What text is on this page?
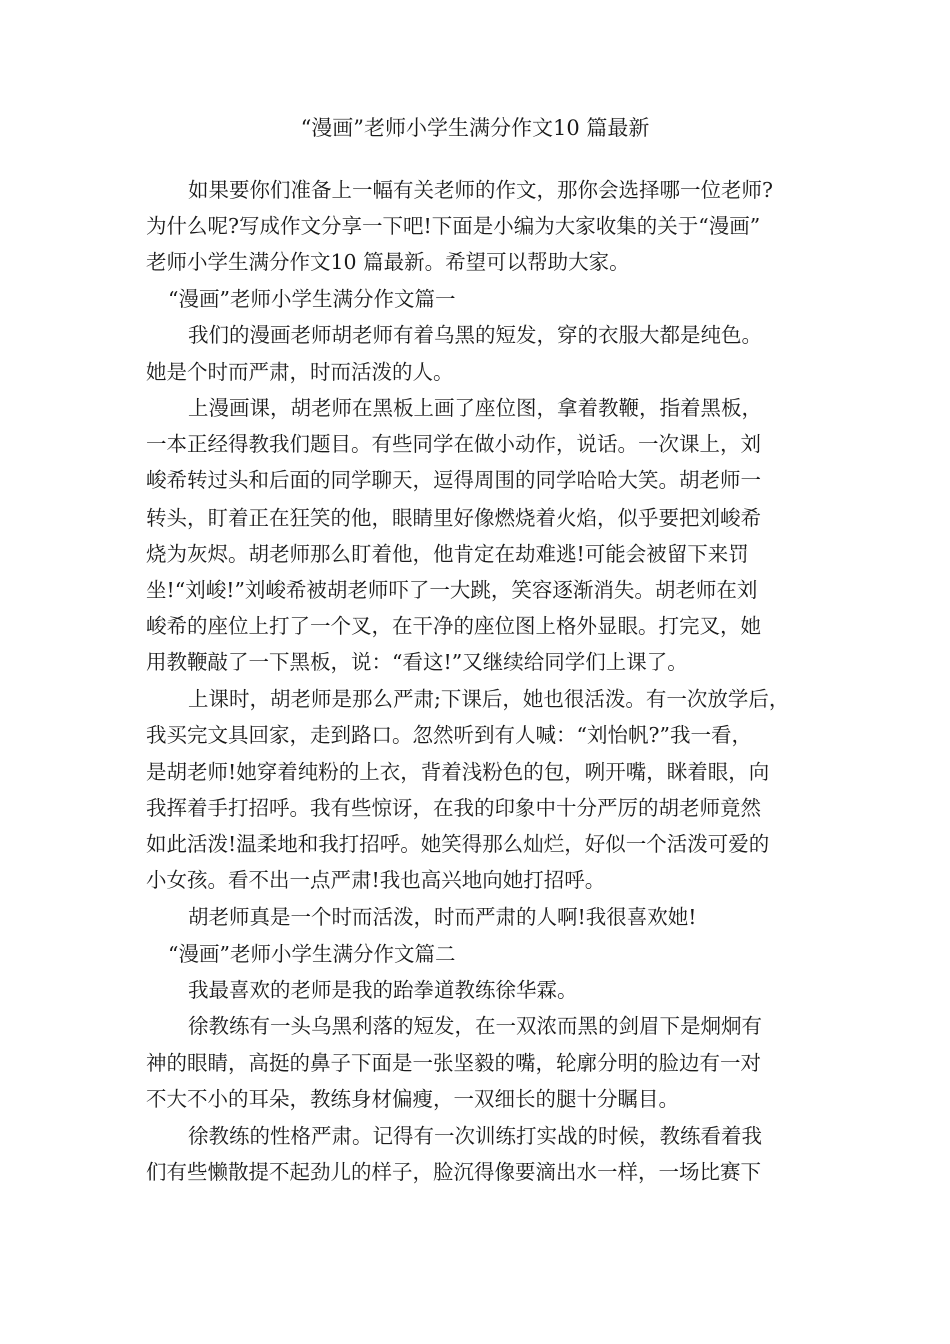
“漫画”老师小学生满分作文10 篇最新
如果要你们准备上一幅有关老师的作文，那你会选择哪一位老师?
为什么呢?写成作文分享一下吧!下面是小编为大家收集的关于“漫画”
老师小学生满分作文10 篇最新。希望可以帮助大家。
“漫画”老师小学生满分作文篇一
我们的漫画老师胡老师有着乌黑的短发，穿的衣服大都是纯色。
她是个时而严肃，时而活泼的人。
上漫画课，胡老师在黑板上画了座位图，拿着教鞭，指着黑板，
一本正经得教我们题目。有些同学在做小动作，说话。一次课上，刘
峻希转过头和后面的同学聊天，逗得周围的同学哈哈大笑。胡老师一
转头，盯着正在狂笑的他，眼睛里好像燃烧着火焰，似乎要把刘峻希
烧为灰烬。胡老师那么盯着他，他肯定在劫难逃!可能会被留下来罚
坐!“刘峻!”刘峻希被胡老师吓了一大跳，笑容逐渐消失。胡老师在刘
峻希的座位上打了一个叉，在干净的座位图上格外显眼。打完叉，她
用教鞭敲了一下黑板，说：“看这!”又继续给同学们上课了。
上课时，胡老师是那么严肃;下课后，她也很活泼。有一次放学后，
我买完文具回家，走到路口。忽然听到有人喊：“刘怡帆?”我一看，
是胡老师!她穿着纯粉的上衣，背着浅粉色的包，咧开嘴，眯着眼，向
我挥着手打招呼。我有些惊讶，在我的印象中十分严厉的胡老师竟然
如此活泼!温柔地和我打招呼。她笑得那么灿烂，好似一个活泼可爱的
小女孩。看不出一点严肃!我也高兴地向她打招呼。
胡老师真是一个时而活泼，时而严肃的人啊!我很喜欢她!
“漫画”老师小学生满分作文篇二
我最喜欢的老师是我的跆拳道教练徐华霖。
徐教练有一头乌黑利落的短发，在一双浓而黑的剑眉下是炯炯有
神的眼睛，高挺的鼻子下面是一张坚毅的嘴，轮廓分明的脸边有一对
不大不小的耳朵，教练身材偏瘦，一双细长的腿十分瞩目。
徐教练的性格严肃。记得有一次训练打实战的时候，教练看着我
们有些懒散提不起劲儿的样子，脸沉得像要滴出水一样，一场比赛下
